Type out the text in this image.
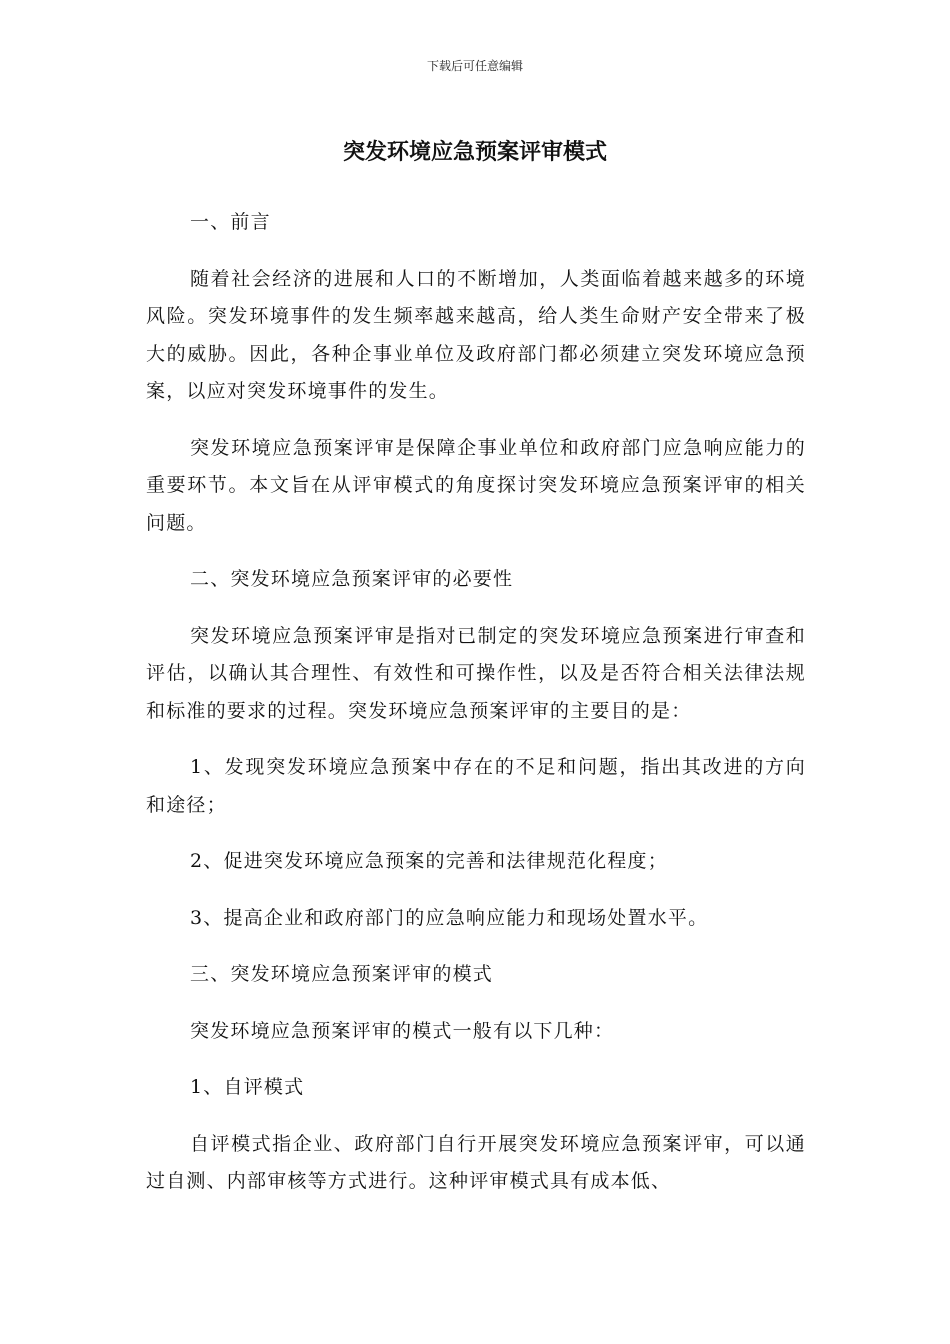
下载后可任意编辑
突发环境应急预案评审模式

一、前言

随着社会经济的进展和人口的不断增加，人类面临着越来越多的环境风险。突发环境事件的发生频率越来越高，给人类生命财产安全带来了极大的威胁。因此，各种企事业单位及政府部门都必须建立突发环境应急预案，以应对突发环境事件的发生。

突发环境应急预案评审是保障企事业单位和政府部门应急响应能力的重要环节。本文旨在从评审模式的角度探讨突发环境应急预案评审的相关问题。

二、突发环境应急预案评审的必要性

突发环境应急预案评审是指对已制定的突发环境应急预案进行审查和评估，以确认其合理性、有效性和可操作性，以及是否符合相关法律法规和标准的要求的过程。突发环境应急预案评审的主要目的是：

1、发现突发环境应急预案中存在的不足和问题，指出其改进的方向和途径；

2、促进突发环境应急预案的完善和法律规范化程度；

3、提高企业和政府部门的应急响应能力和现场处置水平。

三、突发环境应急预案评审的模式

突发环境应急预案评审的模式一般有以下几种：

1、自评模式

自评模式指企业、政府部门自行开展突发环境应急预案评审，可以通过自测、内部审核等方式进行。这种评审模式具有成本低、
